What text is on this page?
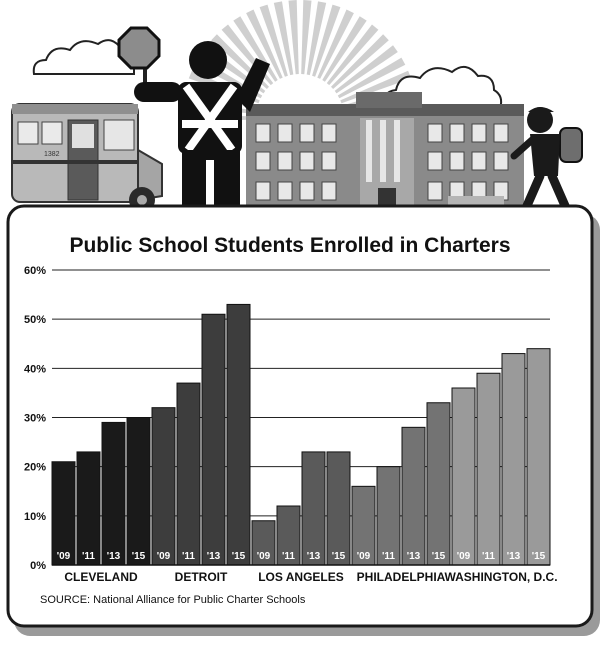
1382
Public School Students Enrolled in Charters
0%
10%
20%
30%
40%
50%
60%
'09 '11 '13 '15 '09 '11 '13 '15 '09 '11 '13 '15 '09 '11 '13 '15 '09 '11 '13 '15
CLEVELAND	DETROIT	LOS ANGELES PHILADELPHIA WASHINGTON, D.C.
SOURCE: National Alliance for Public Charter Schools
